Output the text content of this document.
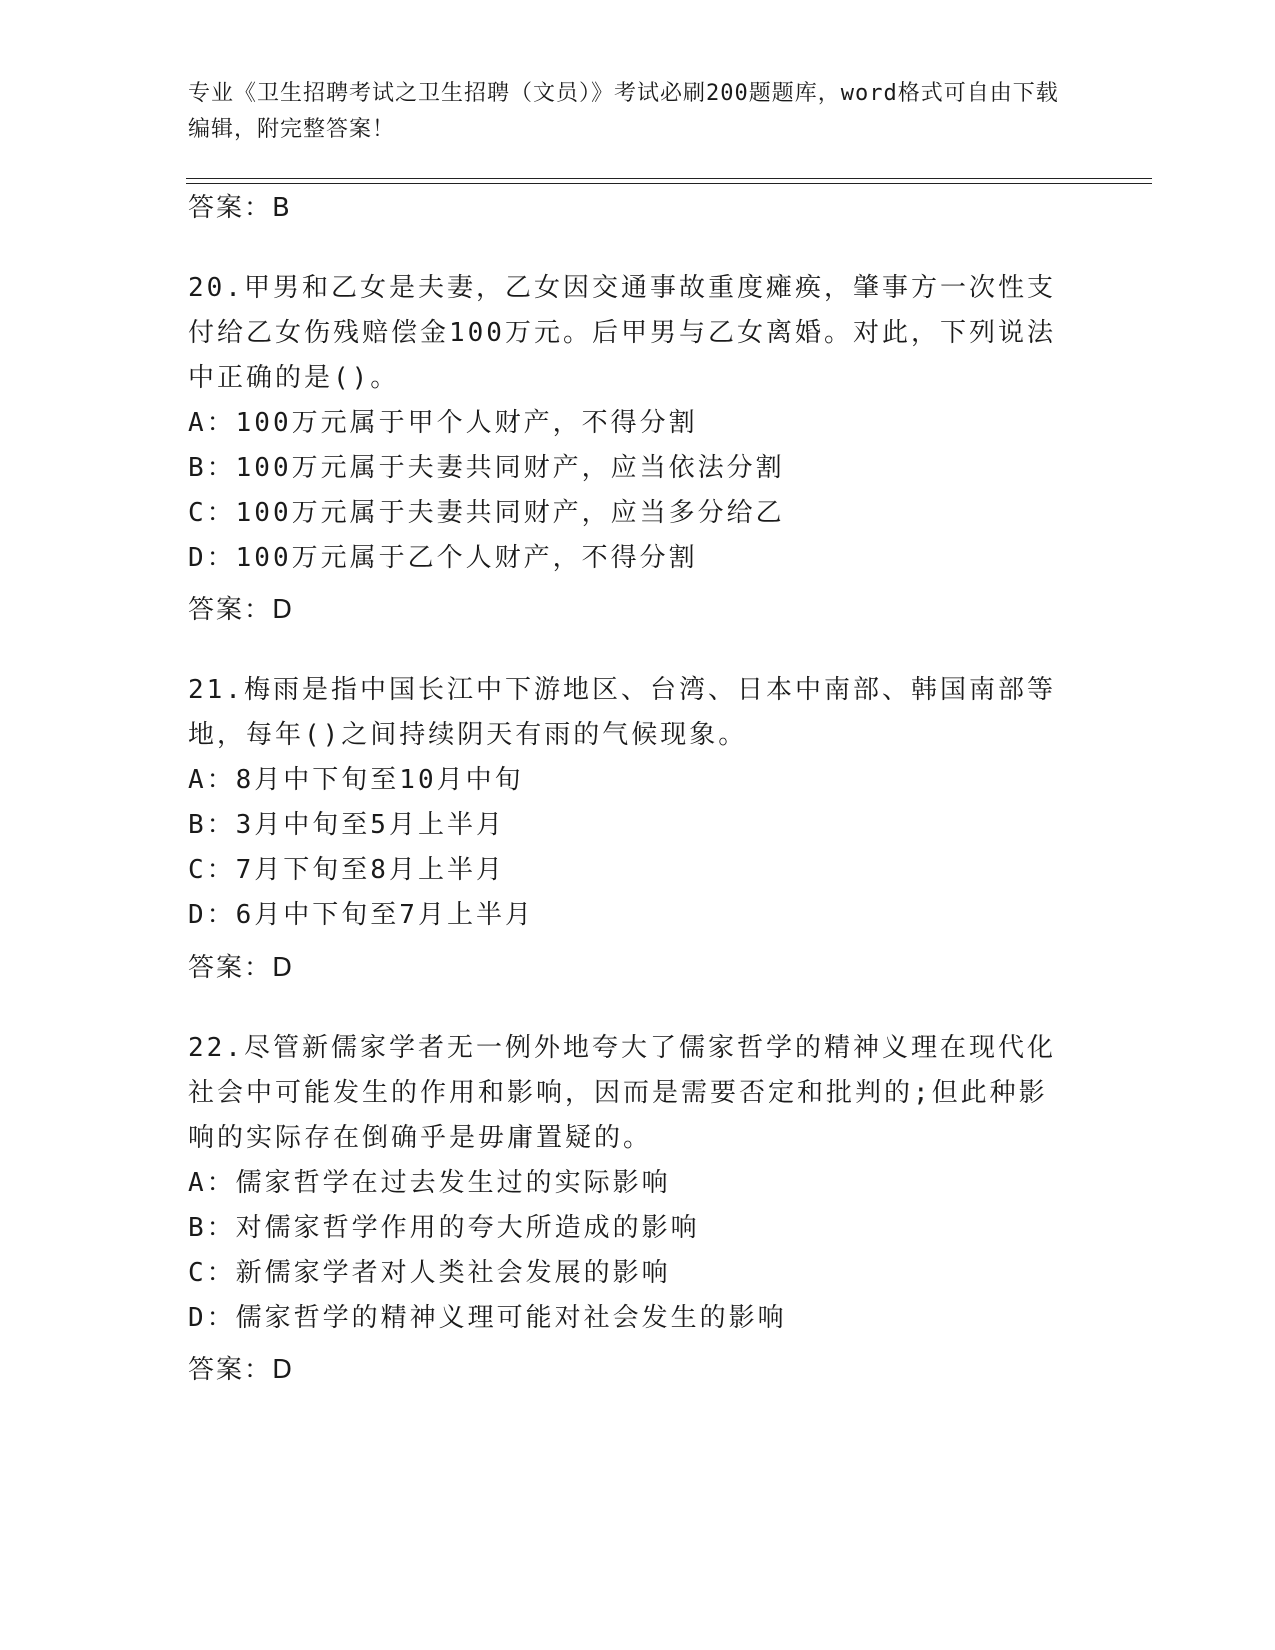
专业《卫生招聘考试之卫生招聘（文员）》考试必刷200题题库，word格式可自由下载编辑，附完整答案！
答案：B
20.甲男和乙女是夫妻，乙女因交通事故重度瘫痪，肇事方一次性支付给乙女伤残赔偿金100万元。后甲男与乙女离婚。对此，下列说法中正确的是()。
A：100万元属于甲个人财产，不得分割
B：100万元属于夫妻共同财产，应当依法分割
C：100万元属于夫妻共同财产，应当多分给乙
D：100万元属于乙个人财产，不得分割
答案：D
21.梅雨是指中国长江中下游地区、台湾、日本中南部、韩国南部等地，每年()之间持续阴天有雨的气候现象。
A：8月中下旬至10月中旬
B：3月中旬至5月上半月
C：7月下旬至8月上半月
D：6月中下旬至7月上半月
答案：D
22.尽管新儒家学者无一例外地夸大了儒家哲学的精神义理在现代化社会中可能发生的作用和影响，因而是需要否定和批判的;但此种影响的实际存在倒确乎是毋庸置疑的。
A：儒家哲学在过去发生过的实际影响
B：对儒家哲学作用的夸大所造成的影响
C：新儒家学者对人类社会发展的影响
D：儒家哲学的精神义理可能对社会发生的影响
答案：D
